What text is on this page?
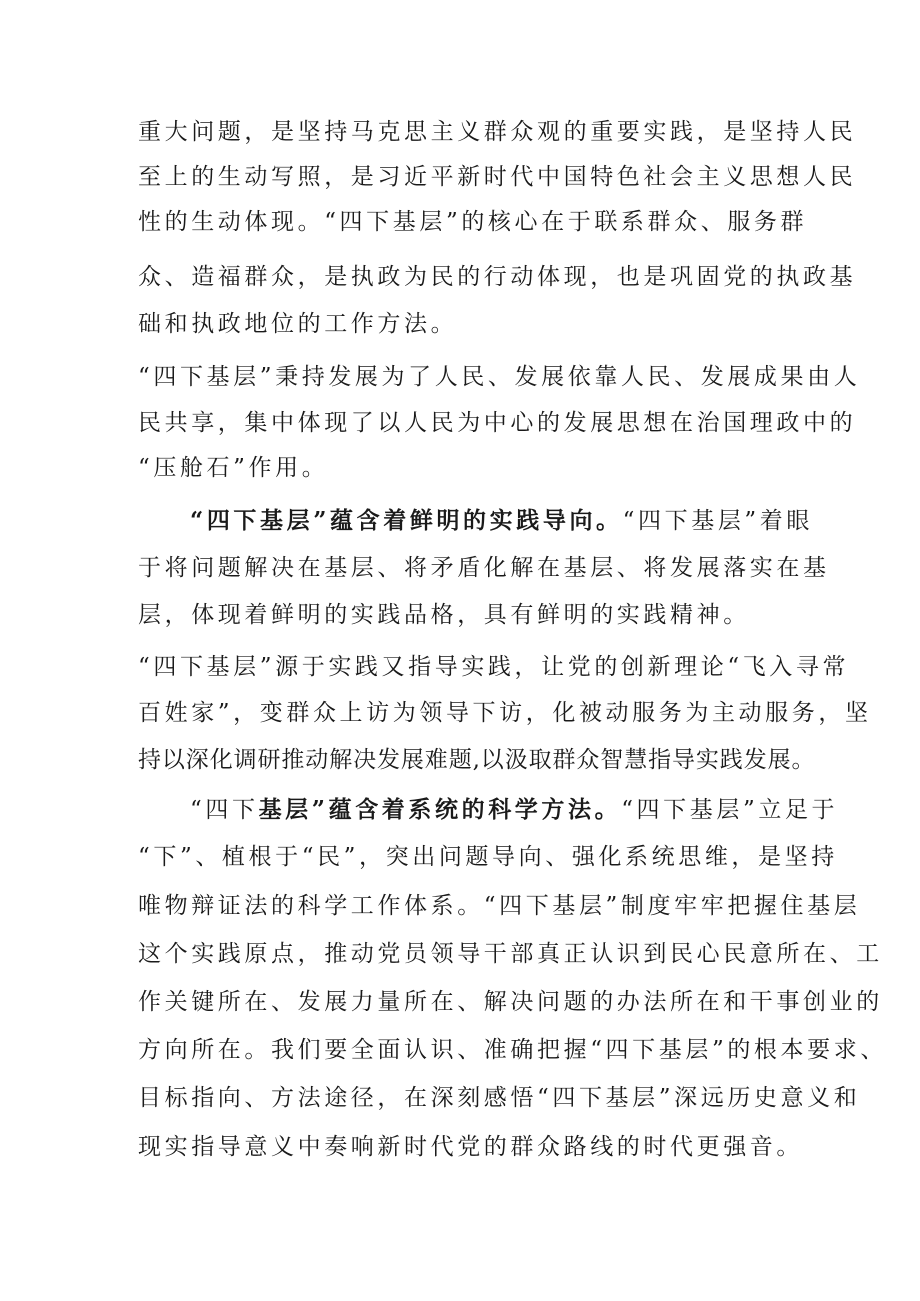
重大问题，是坚持马克思主义群众观的重要实践，是坚持人民
至上的生动写照，是习近平新时代中国特色社会主义思想人民
性的生动体现。“四下基层”的核心在于联系群众、服务群
众、造福群众，是执政为民的行动体现，也是巩固党的执政基
础和执政地位的工作方法。
“四下基层”秉持发展为了人民、发展依靠人民、发展成果由人
民共享，集中体现了以人民为中心的发展思想在治国理政中的
“压舱石”作用。
“四下基层”蕴含着鲜明的实践导向。“四下基层”着眼
于将问题解决在基层、将矛盾化解在基层、将发展落实在基
层，体现着鲜明的实践品格，具有鲜明的实践精神。
“四下基层”源于实践又指导实践，让党的创新理论“飞入寻常
百姓家”，变群众上访为领导下访，化被动服务为主动服务，坚
持以深化调研推动解决发展难题,以汲取群众智慧指导实践发展。
“四下基层”蕴含着系统的科学方法。“四下基层”立足于
“下”、植根于“民”，突出问题导向、强化系统思维，是坚持
唯物辩证法的科学工作体系。“四下基层”制度牢牢把握住基层
这个实践原点，推动党员领导干部真正认识到民心民意所在、工
作关键所在、发展力量所在、解决问题的办法所在和干事创业的
方向所在。我们要全面认识、准确把握“四下基层”的根本要求、
目标指向、方法途径，在深刻感悟“四下基层”深远历史意义和
现实指导意义中奏响新时代党的群众路线的时代更强音。
